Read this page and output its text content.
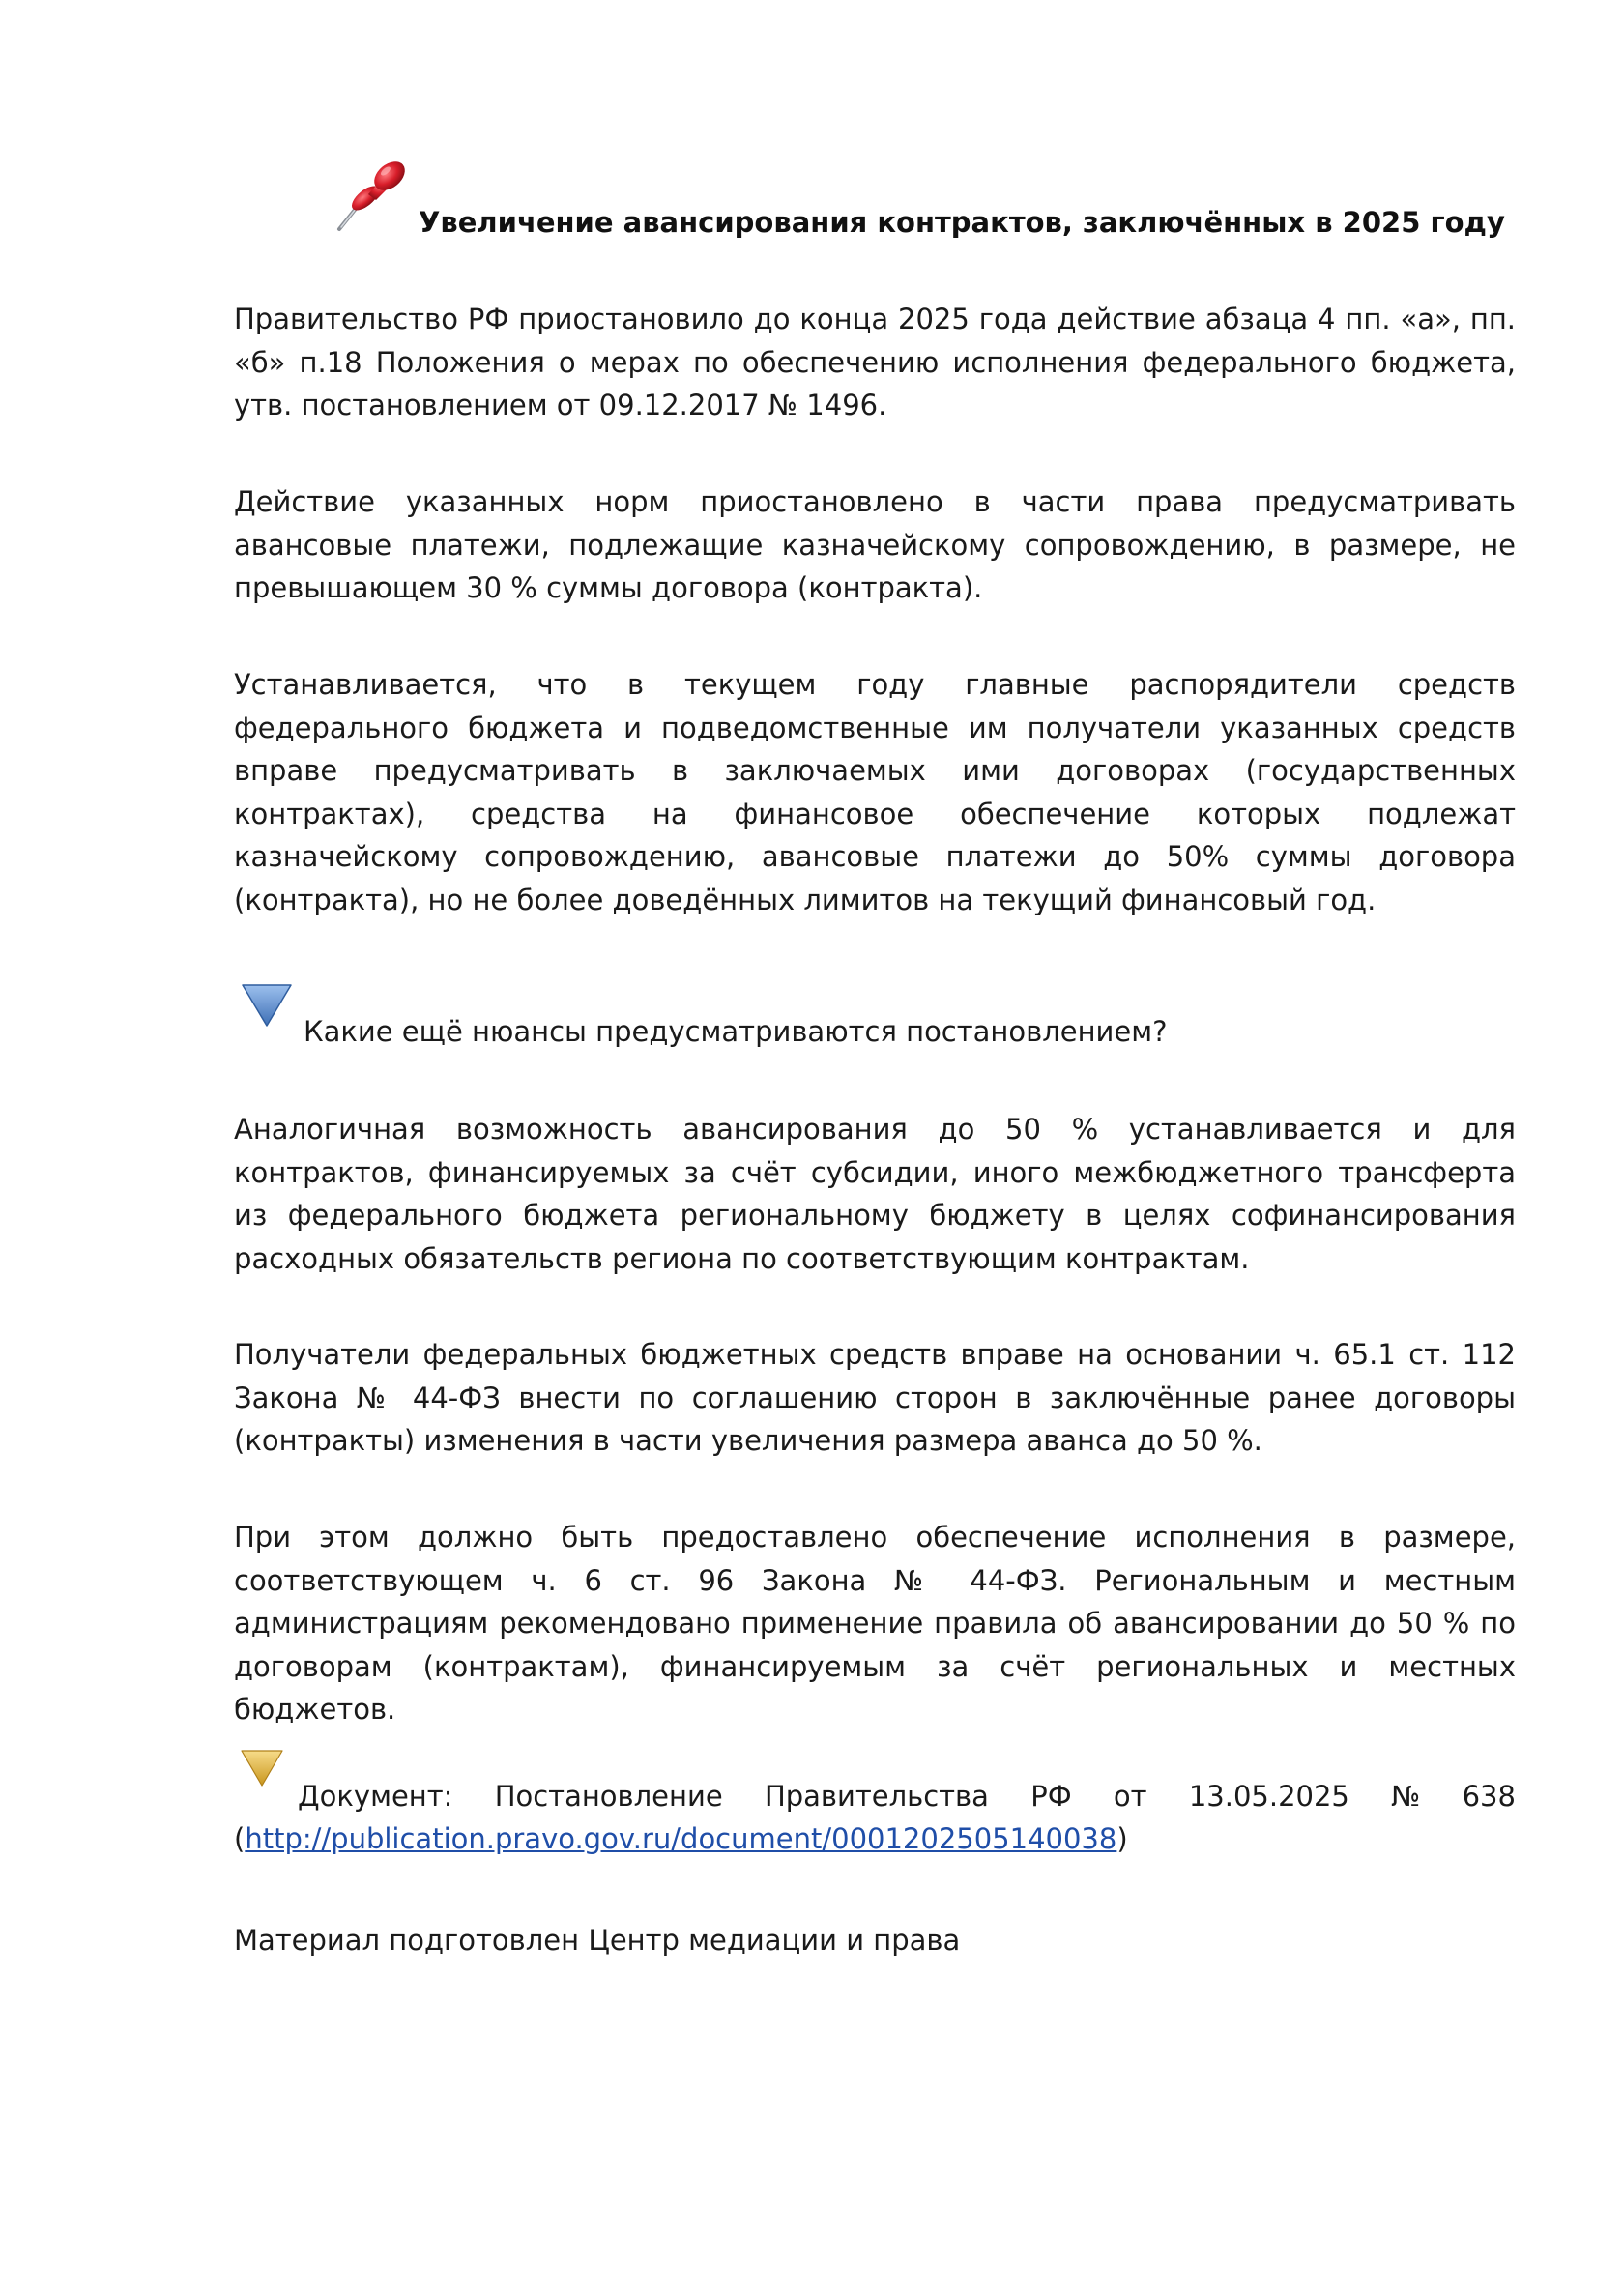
Увеличение авансирования контрактов, заключённых в 2025 году

Правительство РФ приостановило до конца 2025 года действие абзаца 4 пп. «а», пп. «б» п.18 Положения о мерах по обеспечению исполнения федерального бюджета, утв. постановлением от 09.12.2017 № 1496.

Действие указанных норм приостановлено в части права предусматривать авансовые платежи, подлежащие казначейскому сопровождению, в размере, не превышающем 30 % суммы договора (контракта).

Устанавливается, что в текущем году главные распорядители средств федерального бюджета и подведомственные им получатели указанных средств вправе предусматривать в заключаемых ими договорах (государственных контрактах), средства на финансовое обеспечение которых подлежат казначейскому сопровождению, авансовые платежи до 50% суммы договора (контракта), но не более доведённых лимитов на текущий финансовый год.

Какие ещё нюансы предусматриваются постановлением?

Аналогичная возможность авансирования до 50 % устанавливается и для контрактов, финансируемых за счёт субсидии, иного межбюджетного трансферта из федерального бюджета региональному бюджету в целях софинансирования расходных обязательств региона по соответствующим контрактам.

Получатели федеральных бюджетных средств вправе на основании ч. 65.1 ст. 112 Закона № 44-ФЗ внести по соглашению сторон в заключённые ранее договоры (контракты) изменения в части увеличения размера аванса до 50 %.

При этом должно быть предоставлено обеспечение исполнения в размере, соответствующем ч. 6 ст. 96 Закона № 44-ФЗ. Региональным и местным администрациям рекомендовано применение правила об авансировании до 50 % по договорам (контрактам), финансируемым за счёт региональных и местных бюджетов.

Документ: Постановление Правительства РФ от 13.05.2025 № 638

(http://publication.pravo.gov.ru/document/0001202505140038)

Материал подготовлен Центр медиации и права
